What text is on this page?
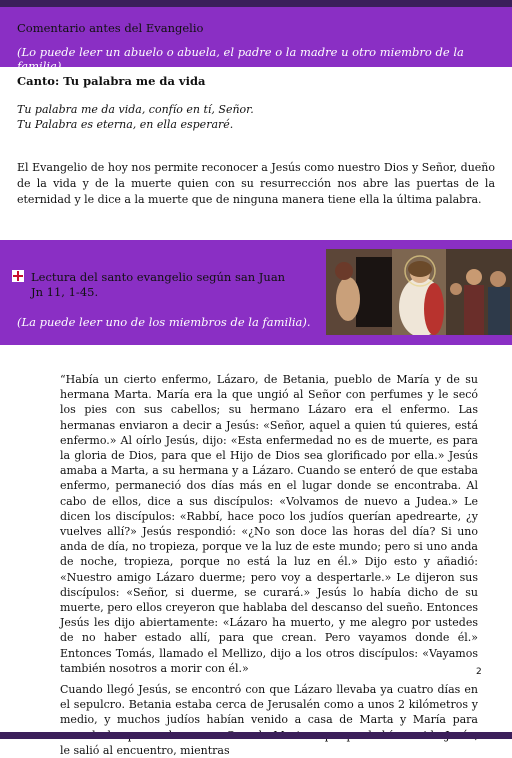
Comentario antes del Evangelio
(Lo puede leer un abuelo o abuela, el padre o la madre u otro miembro de la familia).
Canto: Tu palabra me da vida
Tu palabra me da vida, confío en tí, Señor.
Tu Palabra es eterna, en ella esperaré.
El Evangelio de hoy nos permite reconocer a Jesús como nuestro Dios y Señor, dueño de la vida y de la muerte quien con su resurrección nos abre las puertas de la eternidad y le dice a la muerte que de ninguna manera tiene ella la última palabra.
Lectura del santo evangelio según san Juan
Jn 11, 1-45.
(La puede leer uno de los miembros de la familia).

“Había un cierto enfermo, Lázaro, de Betania, pueblo de María y de su hermana Marta. María era la que ungió al Señor con perfumes y le secó los pies con sus cabellos; su hermano Lázaro era el enfermo. Las hermanas enviaron a decir a Jesús: «Señor, aquel a quien tú quieres, está enfermo.» Al oírlo Jesús, dijo: «Esta enfermedad no es de muerte, es para la gloria de Dios, para que el Hijo de Dios sea glorificado por ella.» Jesús amaba a Marta, a su hermana y a Lázaro. Cuando se enteró de que estaba enfermo, permaneció dos días más en el lugar donde se encontraba. Al cabo de ellos, dice a sus discípulos: «Volvamos de nuevo a Judea.» Le dicen los discípulos: «Rabbí, hace poco los judíos querían apedrearte, ¿y vuelves allí?» Jesús respondió: «¿No son doce las horas del día? Si uno anda de día, no tropieza, porque ve la luz de este mundo; pero si uno anda de noche, tropieza, porque no está la luz en él.» Dijo esto y añadió: «Nuestro amigo Lázaro duerme; pero voy a despertarle.» Le dijeron sus discípulos: «Señor, si duerme, se curará.» Jesús lo había dicho de su muerte, pero ellos creyeron que hablaba del descanso del sueño. Entonces Jesús les dijo abiertamente: «Lázaro ha muerto, y me alegro por ustedes de no haber estado allí, para que crean. Pero vayamos donde él.» Entonces Tomás, llamado el Mellizo, dijo a los otros discípulos: «Vayamos también nosotros a morir con él.»

Cuando llegó Jesús, se encontró con que Lázaro llevaba ya cuatro días en el sepulcro. Betania estaba cerca de Jerusalén como a unos 2 kilómetros y medio, y muchos judíos habían venido a casa de Marta y María para le salió al encuentro, mientras

2
